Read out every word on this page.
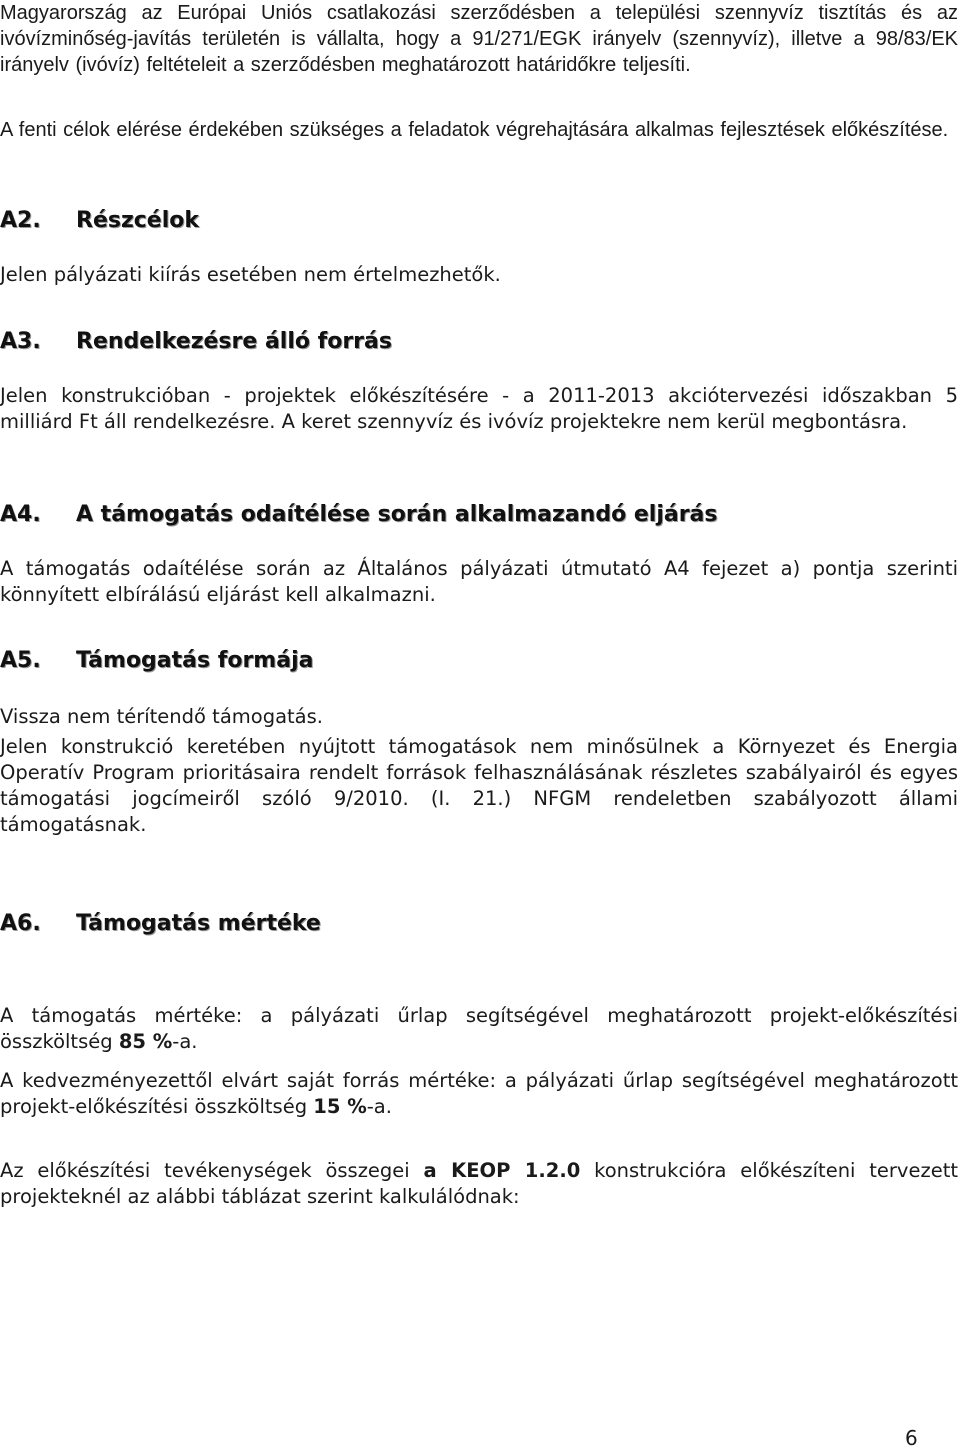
Magyarország az Európai Uniós csatlakozási szerződésben a települési szennyvíz tisztítás és az ivóvízminőség-javítás területén is vállalta, hogy a 91/271/EGK irányelv (szennyvíz), illetve a 98/83/EK irányelv (ivóvíz) feltételeit a szerződésben meghatározott határidőkre teljesíti.

A fenti célok elérése érdekében szükséges a feladatok végrehajtására alkalmas fejlesztések előkészítése.

A2. Részcélok

Jelen pályázati kiírás esetében nem értelmezhetők.

A3. Rendelkezésre álló forrás

Jelen konstrukcióban - projektek előkészítésére - a 2011-2013 akciótervezési időszakban 5 milliárd Ft áll rendelkezésre. A keret szennyvíz és ivóvíz projektekre nem kerül megbontásra.

A4. A támogatás odaítélése során alkalmazandó eljárás

A támogatás odaítélése során az Általános pályázati útmutató A4 fejezet a) pontja szerinti könnyített elbírálású eljárást kell alkalmazni.

A5. Támogatás formája

Vissza nem térítendő támogatás.

Jelen konstrukció keretében nyújtott támogatások nem minősülnek a Környezet és Energia Operatív Program prioritásaira rendelt források felhasználásának részletes szabályairól és egyes támogatási jogcímeiről szóló 9/2010. (I. 21.) NFGM rendeletben szabályozott állami támogatásnak.

A6. Támogatás mértéke

A támogatás mértéke: a pályázati űrlap segítségével meghatározott projekt-előkészítési összköltség 85 %-a.

A kedvezményezettől elvárt saját forrás mértéke: a pályázati űrlap segítségével meghatározott projekt-előkészítési összköltség 15 %-a.

Az előkészítési tevékenységek összegei a KEOP 1.2.0 konstrukcióra előkészíteni tervezett projekteknél az alábbi táblázat szerint kalkulálódnak:

6
